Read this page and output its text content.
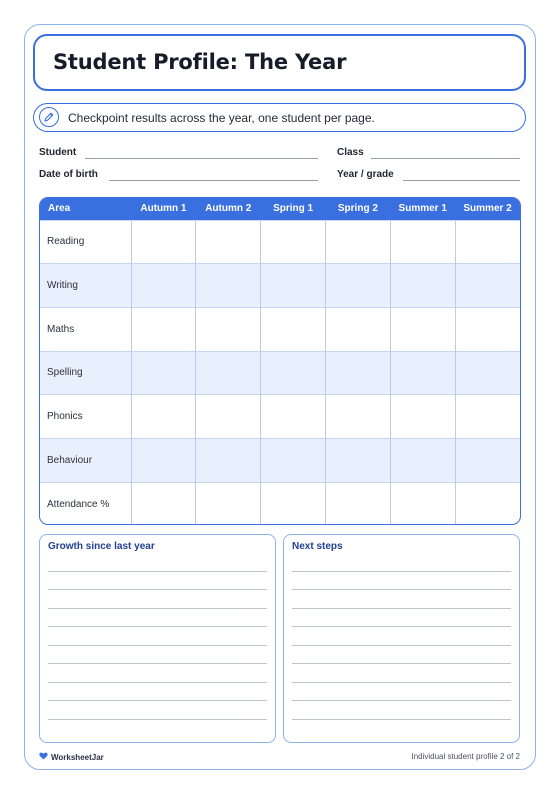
Student Profile: The Year
Checkpoint results across the year, one student per page.
Student	Class
Date of birth	Year / grade
Area	Autumn 1	Autumn 2	Spring 1	Spring 2	Summer 1	Summer 2
Reading						
Writing						
Maths						
Spelling						
Phonics						
Behaviour						
Attendance %						
Growth since last year	Next steps
WorksheetJar	Individual student profile 2 of 2
